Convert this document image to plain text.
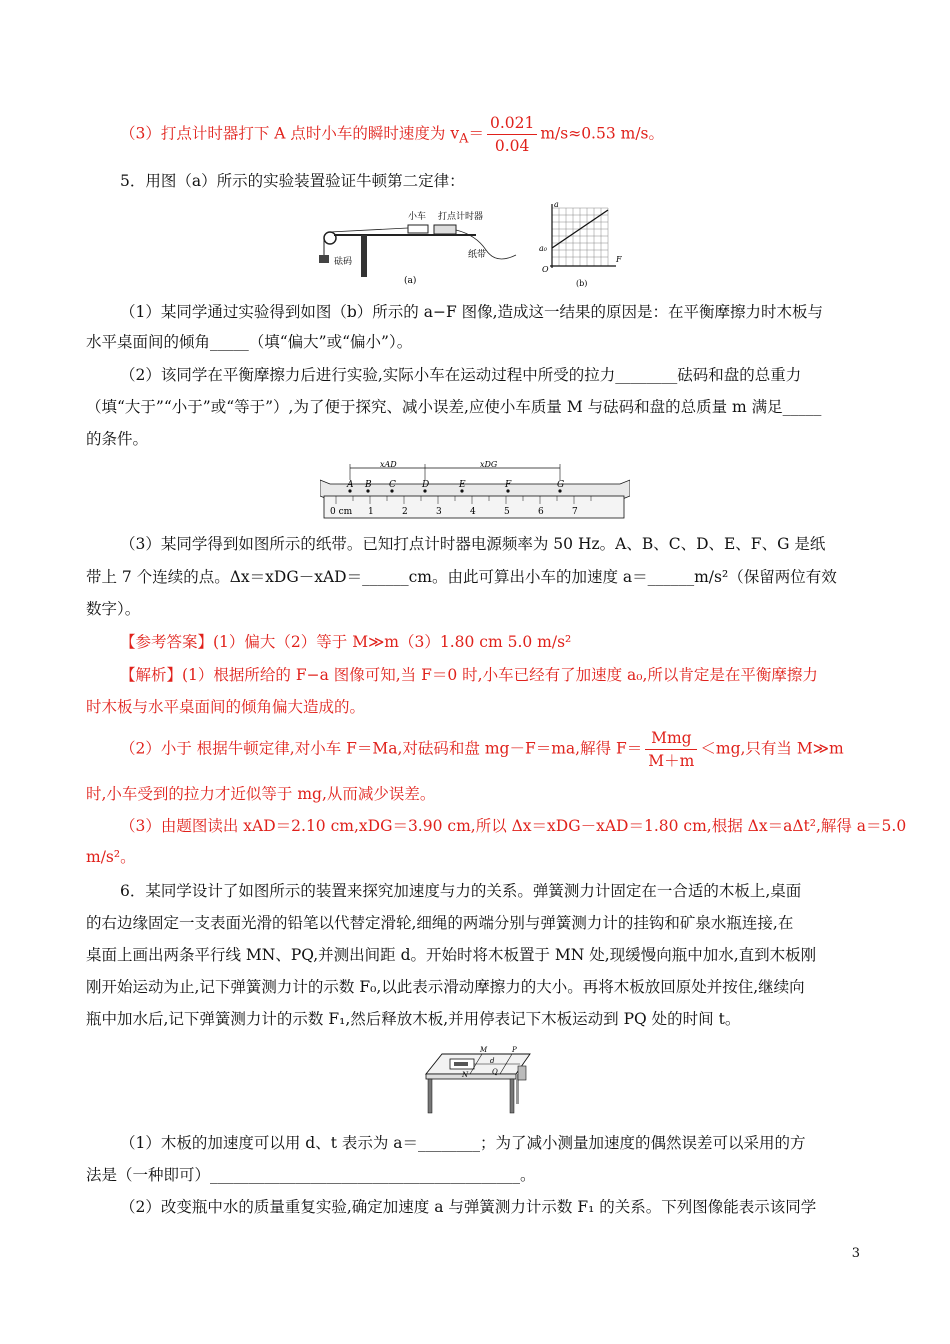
（3）打点计时器打下 A 点时小车的瞬时速度为 $v_A= \frac{0.021}{0.04} m/s\approx 0.53$ m/s。
5．用图（a）所示的实验装置验证牛顿第二定律：
小车 打点计时器
砝码
纸带
(a)
a
a₀
O
F
(b)
（1）某同学通过实验得到如图（b）所示的 a−F 图像,造成这一结果的原因是：在平衡摩擦力时木板与
水平桌面间的倾角_____（填“偏大”或“偏小”）。
（2）该同学在平衡摩擦力后进行实验,实际小车在运动过程中所受的拉力________砝码和盘的总重力
（填“大于”“小于”或“等于”）,为了便于探究、减小误差,应使小车质量 M 与砝码和盘的总质量 m 满足_____
的条件。
xAD	xDG
A B C	D	E	F	G
0 cm 1	2	3	4	5	6	7
（3）某同学得到如图所示的纸带。已知打点计时器电源频率为 50 Hz。A、B、C、D、E、F、G 是纸
带上 7 个连续的点。Δx＝xDG－xAD＝______cm。由此可算出小车的加速度 a＝______m/s²（保留两位有效
数字）。
【参考答案】(1）偏大（2）等于 M≫m（3）1.80 cm 5.0 m/s²
【解析】(1）根据所给的 F−a 图像可知,当 F＝0 时,小车已经有了加速度 a₀,所以肯定是在平衡摩擦力
时木板与水平桌面间的倾角偏大造成的。
（2）小于 根据牛顿定律,对小车 F＝Ma,对砝码和盘 mg－F＝ma,解得 $F= \frac{\text{Mmg}}{M+m} <mg$,只有当 M≫m
时,小车受到的拉力才近似等于 mg,从而减少误差。
（3）由题图读出 xAD＝2.10 cm,xDG＝3.90 cm,所以 Δx＝xDG－xAD＝1.80 cm,根据 Δx＝aΔt²,解得 a＝5.0
m/s²。
6．某同学设计了如图所示的装置来探究加速度与力的关系。弹簧测力计固定在一合适的木板上,桌面
的右边缘固定一支表面光滑的铅笔以代替定滑轮,细绳的两端分别与弹簧测力计的挂钩和矿泉水瓶连接,在
桌面上画出两条平行线 MN、PQ,并测出间距 d。开始时将木板置于 MN 处,现缓慢向瓶中加水,直到木板刚
刚开始运动为止,记下弹簧测力计的示数 F₀,以此表示滑动摩擦力的大小。再将木板放回原处并按住,继续向
瓶中加水后,记下弹簧测力计的示数 F₁,然后释放木板,并用停表记下木板运动到 PQ 处的时间 t。
M	P
N	Q
d
（1）木板的加速度可以用 d、t 表示为 a＝________；为了减小测量加速度的偶然误差可以采用的方
法是（一种即可）________________________________________。
（2）改变瓶中水的质量重复实验,确定加速度 a 与弹簧测力计示数 F₁ 的关系。下列图像能表示该同学
3
